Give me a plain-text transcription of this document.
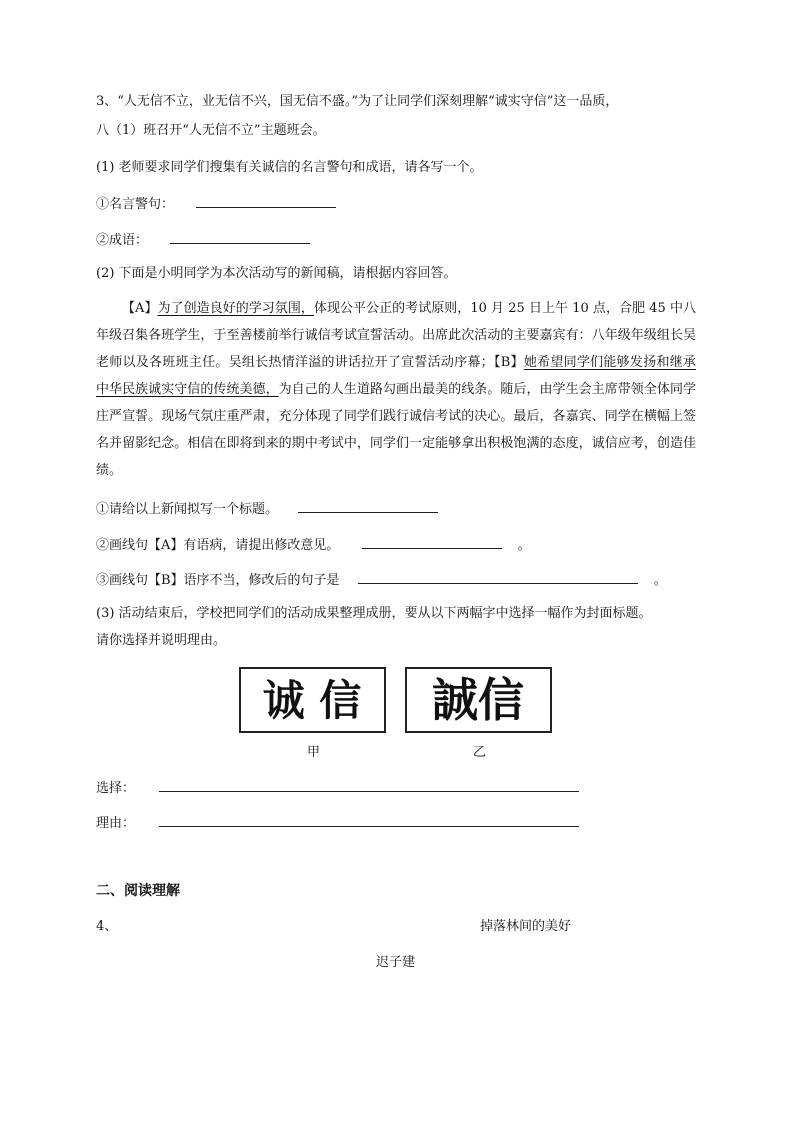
3、“人无信不立，业无信不兴，国无信不盛。”为了让同学们深刻理解“诚实守信”这一品质，
八（1）班召开“人无信不立”主题班会。
(1) 老师要求同学们搜集有关诚信的名言警句和成语，请各写一个。
①名言警句：
②成语：
(2) 下面是小明同学为本次活动写的新闻稿，请根据内容回答。
【A】为了创造良好的学习氛围，体现公平公正的考试原则，10 月 25 日上午 10 点，合肥 45 中八年级召集各班学生，于至善楼前举行诚信考试宣誓活动。出席此次活动的主要嘉宾有：八年级年级组长吴老师以及各班班主任。吴组长热情洋溢的讲话拉开了宣誓活动序幕；【B】她希望同学们能够发扬和继承中华民族诚实守信的传统美德，为自己的人生道路勾画出最美的线条。随后，由学生会主席带领全体同学庄严宣誓。现场气氛庄重严肃，充分体现了同学们践行诚信考试的决心。最后，各嘉宾、同学在横幅上签名并留影纪念。相信在即将到来的期中考试中，同学们一定能够拿出积极饱满的态度，诚信应考，创造佳绩。
①请给以上新闻拟写一个标题。
②画线句【A】有语病，请提出修改意见。	。
③画线句【B】语序不当，修改后的句子是	。
(3) 活动结束后，学校把同学们的活动成果整理成册，要从以下两幅字中选择一幅作为封面标题。
请你选择并说明理由。
诚 信
甲
誠信
乙
选择：
理由：
二、阅读理解
4、	掉落林间的美好
迟子建
